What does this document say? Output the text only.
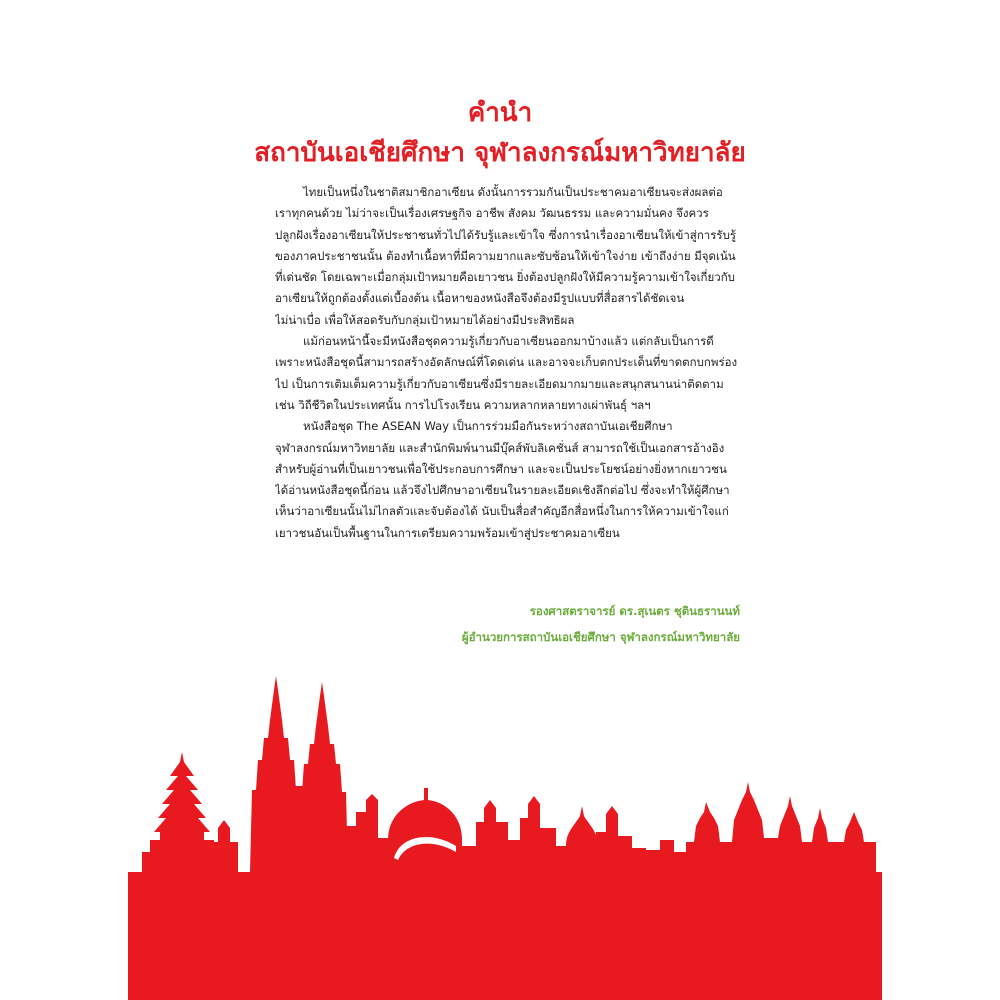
คำนำ
สถาบันเอเชียศึกษา จุฬาลงกรณ์มหาวิทยาลัย
ไทยเป็นหนึ่งในชาติสมาชิกอาเซียน ดังนั้นการรวมกันเป็นประชาคมอาเซียนจะส่งผลต่อ
เราทุกคนด้วย ไม่ว่าจะเป็นเรื่องเศรษฐกิจ อาชีพ สังคม วัฒนธรรม และความมั่นคง จึงควร
ปลูกฝังเรื่องอาเซียนให้ประชาชนทั่วไปได้รับรู้และเข้าใจ ซึ่งการนำเรื่องอาเซียนให้เข้าสู่การรับรู้
ของภาคประชาชนนั้น ต้องทำเนื้อหาที่มีความยากและซับซ้อนให้เข้าใจง่าย เข้าถึงง่าย มีจุดเน้น
ที่เด่นชัด โดยเฉพาะเมื่อกลุ่มเป้าหมายคือเยาวชน ยิ่งต้องปลูกฝังให้มีความรู้ความเข้าใจเกี่ยวกับ
อาเซียนให้ถูกต้องตั้งแต่เบื้องต้น เนื้อหาของหนังสือจึงต้องมีรูปแบบที่สื่อสารได้ชัดเจน
ไม่น่าเบื่อ เพื่อให้สอดรับกับกลุ่มเป้าหมายได้อย่างมีประสิทธิผล
แม้ก่อนหน้านี้จะมีหนังสือชุดความรู้เกี่ยวกับอาเซียนออกมาบ้างแล้ว แต่กลับเป็นการดี
เพราะหนังสือชุดนี้สามารถสร้างอัตลักษณ์ที่โดดเด่น และอาจจะเก็บตกประเด็นที่ขาดตกบกพร่อง
ไป เป็นการเติมเต็มความรู้เกี่ยวกับอาเซียนซึ่งมีรายละเอียดมากมายและสนุกสนานน่าติดตาม
เช่น วิถีชีวิตในประเทศนั้น การไปโรงเรียน ความหลากหลายทางเผ่าพันธุ์ ฯลฯ
หนังสือชุด The ASEAN Way เป็นการร่วมมือกันระหว่างสถาบันเอเชียศึกษา
จุฬาลงกรณ์มหาวิทยาลัย และสำนักพิมพ์นานมีบุ๊คส์พับลิเคชั่นส์ สามารถใช้เป็นเอกสารอ้างอิง
สำหรับผู้อ่านที่เป็นเยาวชนเพื่อใช้ประกอบการศึกษา และจะเป็นประโยชน์อย่างยิ่งหากเยาวชน
ได้อ่านหนังสือชุดนี้ก่อน แล้วจึงไปศึกษาอาเซียนในรายละเอียดเชิงลึกต่อไป ซึ่งจะทำให้ผู้ศึกษา
เห็นว่าอาเซียนนั้นไม่ไกลตัวและจับต้องได้ นับเป็นสื่อสำคัญอีกสื่อหนึ่งในการให้ความเข้าใจแก่
เยาวชนอันเป็นพื้นฐานในการเตรียมความพร้อมเข้าสู่ประชาคมอาเซียน
รองศาสตราจารย์ ดร.สุเนตร ชุตินธรานนท์
ผู้อำนวยการสถาบันเอเชียศึกษา จุฬาลงกรณ์มหาวิทยาลัย
